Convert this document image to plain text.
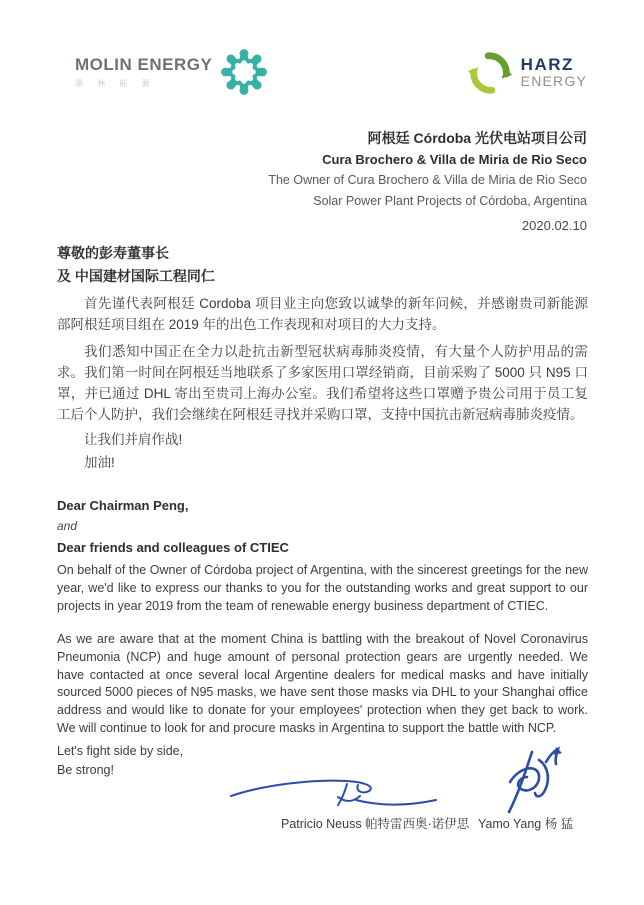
MOLIN ENERGY
墨 林 能 源
HARZ
ENERGY
阿根廷 Córdoba 光伏电站项目公司
Cura Brochero & Villa de Miria de Rio Seco
The Owner of Cura Brochero & Villa de Miria de Rio Seco
Solar Power Plant Projects of Córdoba, Argentina
2020.02.10
尊敬的彭寿董事长
及 中国建材国际工程同仁

首先谨代表阿根廷 Cordoba 项目业主向您致以诚挚的新年问候，并感谢贵司新能源部阿根廷项目组在 2019 年的出色工作表现和对项目的大力支持。

我们悉知中国正在全力以赴抗击新型冠状病毒肺炎疫情，有大量个人防护用品的需求。我们第一时间在阿根廷当地联系了多家医用口罩经销商，目前采购了 5000 只 N95 口罩，并已通过 DHL 寄出至贵司上海办公室。我们希望将这些口罩赠予贵公司用于员工复工后个人防护，我们会继续在阿根廷寻找并采购口罩，支持中国抗击新冠病毒肺炎疫情。

让我们并肩作战!
加油!
Dear Chairman Peng,
and
Dear friends and colleagues of CTIEC

On behalf of the Owner of Córdoba project of Argentina, with the sincerest greetings for the new year, we'd like to express our thanks to you for the outstanding works and great support to our projects in year 2019 from the team of renewable energy business department of CTIEC.

As we are aware that at the moment China is battling with the breakout of Novel Coronavirus Pneumonia (NCP) and huge amount of personal protection gears are urgently needed. We have contacted at once several local Argentine dealers for medical masks and have initially sourced 5000 pieces of N95 masks, we have sent those masks via DHL to your Shanghai office address and would like to donate for your employees' protection when they get back to work. We will continue to look for and procure masks in Argentina to support the battle with NCP.

Let's fight side by side,
Be strong!
Patricio Neuss 帕特雷西奥·诺伊思 Yamo Yang 杨 猛
